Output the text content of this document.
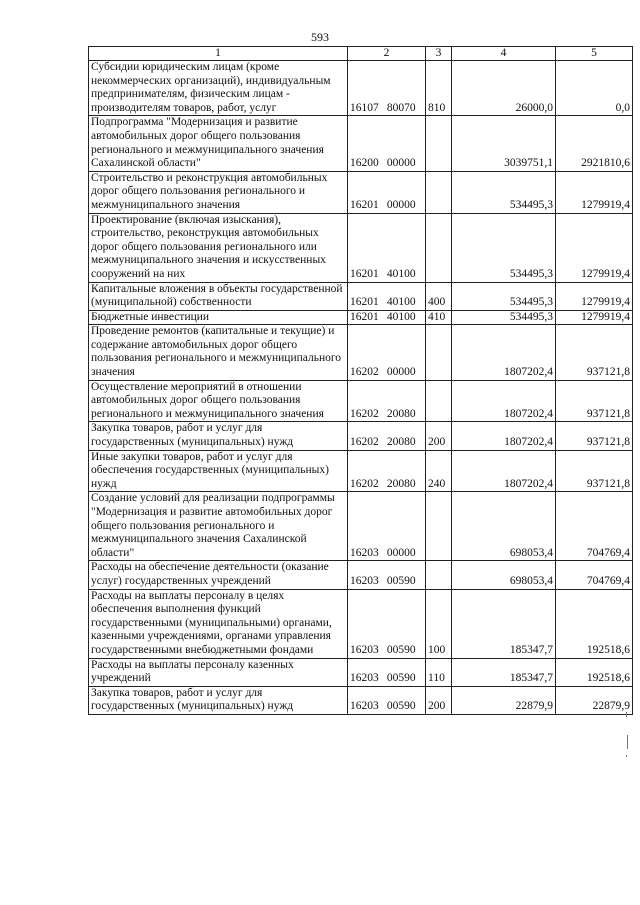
593
1	2	3	4	5
Субсидии юридическим лицам (кроме некоммерческих организаций), индивидуальным предпринимателям, физическим лицам - производителям товаров, работ, услуг	16107 80070	810	26000,0	0,0
Подпрограмма "Модернизация и развитие автомобильных дорог общего пользования регионального и межмуниципального значения Сахалинской области"	16200 00000		3039751,1	2921810,6
Строительство и реконструкция автомобильных дорог общего пользования регионального и межмуниципального значения	16201 00000		534495,3	1279919,4
Проектирование (включая изыскания), строительство, реконструкция автомобильных дорог общего пользования регионального или межмуниципального значения и искусственных сооружений на них	16201 40100		534495,3	1279919,4
Капитальные вложения в объекты государственной (муниципальной) собственности	16201 40100	400	534495,3	1279919,4
Бюджетные инвестиции	16201 40100	410	534495,3	1279919,4
Проведение ремонтов (капитальные и текущие) и содержание автомобильных дорог общего пользования регионального и межмуниципального значения	16202 00000		1807202,4	937121,8
Осуществление мероприятий в отношении автомобильных дорог общего пользования регионального и межмуниципального значения	16202 20080		1807202,4	937121,8
Закупка товаров, работ и услуг для государственных (муниципальных) нужд	16202 20080	200	1807202,4	937121,8
Иные закупки товаров, работ и услуг для обеспечения государственных (муниципальных) нужд	16202 20080	240	1807202,4	937121,8
Создание условий для реализации подпрограммы "Модернизация и развитие автомобильных дорог общего пользования регионального и межмуниципального значения Сахалинской области"	16203 00000		698053,4	704769,4
Расходы на обеспечение деятельности (оказание услуг) государственных учреждений	16203 00590		698053,4	704769,4
Расходы на выплаты персоналу в целях обеспечения выполнения функций государственными (муниципальными) органами, казенными учреждениями, органами управления государственными внебюджетными фондами	16203 00590	100	185347,7	192518,6
Расходы на выплаты персоналу казенных учреждений	16203 00590	110	185347,7	192518,6
Закупка товаров, работ и услуг для государственных (муниципальных) нужд	16203 00590	200	22879,9	22879,9
